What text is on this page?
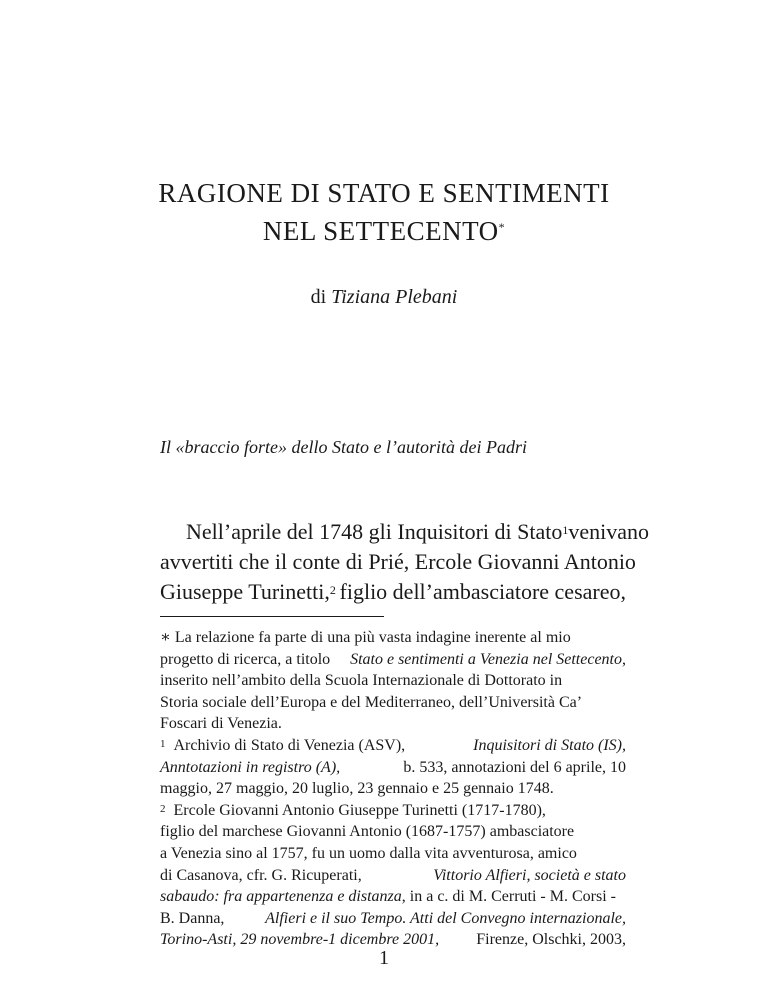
RAGIONE DI STATO E SENTIMENTI
NEL SETTECENTO*
di Tiziana Plebani
Il «braccio forte» dello Stato e l’autorità dei Padri
Nell’aprile del 1748 gli Inquisitori di Stato$^1$ venivano
avvertiti che il conte di Prié, Ercole Giovanni Antonio
Giuseppe Turinetti,$^2$ figlio dell’ambasciatore cesareo,
∗ La relazione fa parte di una più vasta indagine inerente al mio
progetto di ricerca, a titolo Stato e sentimenti a Venezia nel Settecento,
inserito nell’ambito della Scuola Internazionale di Dottorato in
Storia sociale dell’Europa e del Mediterraneo, dell’Università Ca’
Foscari di Venezia.
$^1$ Archivio di Stato di Venezia (ASV),	Inquisitori di Stato (IS),
Anntotazioni in registro (A),	b. 533, annotazioni del 6 aprile, 10
maggio, 27 maggio, 20 luglio, 23 gennaio e 25 gennaio 1748.
$^2$ Ercole Giovanni Antonio Giuseppe Turinetti (1717-1780),
figlio del marchese Giovanni Antonio (1687-1757) ambasciatore
a Venezia sino al 1757, fu un uomo dalla vita avventurosa, amico
di Casanova, cfr. G. Ricuperati,	Vittorio Alfieri, società e stato
sabaudo: fra appartenenza e distanza, in a c. di M. Cerruti - M. Corsi -
B. Danna,	Alfieri e il suo Tempo. Atti del Convegno internazionale,
Torino-Asti, 29 novembre-1 dicembre 2001, Firenze, Olschki, 2003,
1
